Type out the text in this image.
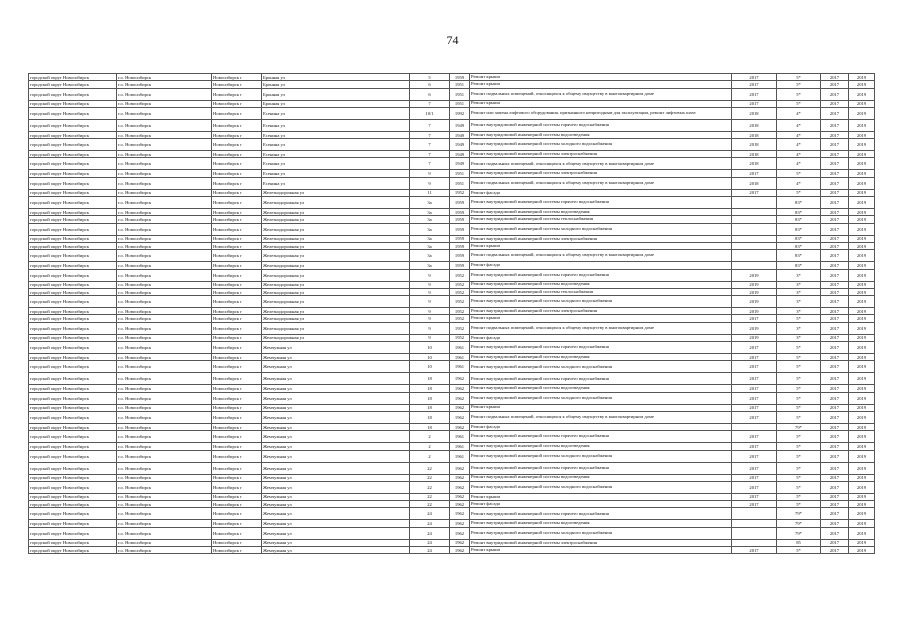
74
городской округ Новосибирск	г.о. Новосибирск	Новосибирск г	Бронная ул	5	1959	Ремонт крыши	2017	5*	2017	2019
городской округ Новосибирск	г.о. Новосибирск	Новосибирск г	Бронная ул	6	1951	Ремонт крыши	2017	5*	2017	2019
городской округ Новосибирск	г.о. Новосибирск	Новосибирск г	Бронная ул	6	1951	Ремонт подвальных помещений, относящихся к общему имуществу в многоквартирном доме	2017	5*	2017	2019
городской округ Новосибирск	г.о. Новосибирск	Новосибирск г	Бронная ул	7	1951	Ремонт крыши	2017	5*	2017	2019
городской округ Новосибирск	г.о. Новосибирск	Новосибирск г	Есенина ул	10/1	1992	Ремонт или замена лифтового оборудования, признанного непригодным для эксплуатации, ремонт лифтовых шахт	2018	4*	2017	2019
городской округ Новосибирск	г.о. Новосибирск	Новосибирск г	Есенина ул	7	1949	Ремонт внутридомовой инженерной системы горячего водоснабжения	2018	4*	2017	2019
городской округ Новосибирск	г.о. Новосибирск	Новосибирск г	Есенина ул	7	1949	Ремонт внутридомовой инженерной системы водоотведения	2018	4*	2017	2019
городской округ Новосибирск	г.о. Новосибирск	Новосибирск г	Есенина ул	7	1949	Ремонт внутридомовой инженерной системы холодного водоснабжения	2018	4*	2017	2019
городской округ Новосибирск	г.о. Новосибирск	Новосибирск г	Есенина ул	7	1949	Ремонт внутридомовой инженерной системы электроснабжения	2018	4*	2017	2019
городской округ Новосибирск	г.о. Новосибирск	Новосибирск г	Есенина ул	7	1949	Ремонт подвальных помещений, относящихся к общему имуществу в многоквартирном доме	2018	4*	2017	2019
городской округ Новосибирск	г.о. Новосибирск	Новосибирск г	Есенина ул	9	1951	Ремонт внутридомовой инженерной системы электроснабжения	2017	5*	2017	2019
городской округ Новосибирск	г.о. Новосибирск	Новосибирск г	Есенина ул	9	1951	Ремонт подвальных помещений, относящихся к общему имуществу в многоквартирном доме	2018	4*	2017	2019
городской округ Новосибирск	г.о. Новосибирск	Новосибирск г	Железнодорожная ул	11	1952	Ремонт фасада	2017	5*	2017	2019
городской округ Новосибирск	г.о. Новосибирск	Новосибирск г	Железнодорожная ул	3а	1959	Ремонт внутридомовой инженерной системы горячего водоснабжения		83*	2017	2019
городской округ Новосибирск	г.о. Новосибирск	Новосибирск г	Железнодорожная ул	3а	1959	Ремонт внутридомовой инженерной системы водоотведения		83*	2017	2019
городской округ Новосибирск	г.о. Новосибирск	Новосибирск г	Железнодорожная ул	3а	1959	Ремонт внутридомовой инженерной системы теплоснабжения		83*	2017	2019
городской округ Новосибирск	г.о. Новосибирск	Новосибирск г	Железнодорожная ул	3а	1959	Ремонт внутридомовой инженерной системы холодного водоснабжения		83*	2017	2019
городской округ Новосибирск	г.о. Новосибирск	Новосибирск г	Железнодорожная ул	3а	1959	Ремонт внутридомовой инженерной системы электроснабжения		83*	2017	2019
городской округ Новосибирск	г.о. Новосибирск	Новосибирск г	Железнодорожная ул	3а	1959	Ремонт крыши		83*	2017	2019
городской округ Новосибирск	г.о. Новосибирск	Новосибирск г	Железнодорожная ул	3а	1959	Ремонт подвальных помещений, относящихся к общему имуществу в многоквартирном доме		83*	2017	2019
городской округ Новосибирск	г.о. Новосибирск	Новосибирск г	Железнодорожная ул	3а	1959	Ремонт фасада		83*	2017	2019
городской округ Новосибирск	г.о. Новосибирск	Новосибирск г	Железнодорожная ул	9	1952	Ремонт внутридомовой инженерной системы горячего водоснабжения	2019	3*	2017	2019
городской округ Новосибирск	г.о. Новосибирск	Новосибирск г	Железнодорожная ул	9	1952	Ремонт внутридомовой инженерной системы водоотведения	2019	3*	2017	2019
городской округ Новосибирск	г.о. Новосибирск	Новосибирск г	Железнодорожная ул	9	1952	Ремонт внутридомовой инженерной системы теплоснабжения	2019	3*	2017	2019
городской округ Новосибирск	г.о. Новосибирск	Новосибирск г	Железнодорожная ул	9	1952	Ремонт внутридомовой инженерной системы холодного водоснабжения	2019	3*	2017	2019
городской округ Новосибирск	г.о. Новосибирск	Новосибирск г	Железнодорожная ул	9	1952	Ремонт внутридомовой инженерной системы электроснабжения	2019	3*	2017	2019
городской округ Новосибирск	г.о. Новосибирск	Новосибирск г	Железнодорожная ул	9	1952	Ремонт крыши	2017	5*	2017	2019
городской округ Новосибирск	г.о. Новосибирск	Новосибирск г	Железнодорожная ул	9	1952	Ремонт подвальных помещений, относящихся к общему имуществу в многоквартирном доме	2019	3*	2017	2019
городской округ Новосибирск	г.о. Новосибирск	Новосибирск г	Железнодорожная ул	9	1952	Ремонт фасада	2019	3*	2017	2019
городской округ Новосибирск	г.о. Новосибирск	Новосибирск г	Жемчужная ул	10	1961	Ремонт внутридомовой инженерной системы горячего водоснабжения	2017	5*	2017	2019
городской округ Новосибирск	г.о. Новосибирск	Новосибирск г	Жемчужная ул	10	1961	Ремонт внутридомовой инженерной системы водоотведения	2017	5*	2017	2019
городской округ Новосибирск	г.о. Новосибирск	Новосибирск г	Жемчужная ул	10	1961	Ремонт внутридомовой инженерной системы холодного водоснабжения	2017	5*	2017	2019
городской округ Новосибирск	г.о. Новосибирск	Новосибирск г	Жемчужная ул	18	1962	Ремонт внутридомовой инженерной системы горячего водоснабжения	2017	5*	2017	2019
городской округ Новосибирск	г.о. Новосибирск	Новосибирск г	Жемчужная ул	18	1962	Ремонт внутридомовой инженерной системы водоотведения	2017	5*	2017	2019
городской округ Новосибирск	г.о. Новосибирск	Новосибирск г	Жемчужная ул	18	1962	Ремонт внутридомовой инженерной системы холодного водоснабжения	2017	5*	2017	2019
городской округ Новосибирск	г.о. Новосибирск	Новосибирск г	Жемчужная ул	18	1962	Ремонт крыши	2017	5*	2017	2019
городской округ Новосибирск	г.о. Новосибирск	Новосибирск г	Жемчужная ул	18	1962	Ремонт подвальных помещений, относящихся к общему имуществу в многоквартирном доме	2017	5*	2017	2019
городской округ Новосибирск	г.о. Новосибирск	Новосибирск г	Жемчужная ул	18	1962	Ремонт фасада		79*	2017	2019
городской округ Новосибирск	г.о. Новосибирск	Новосибирск г	Жемчужная ул	2	1961	Ремонт внутридомовой инженерной системы горячего водоснабжения	2017	5*	2017	2019
городской округ Новосибирск	г.о. Новосибирск	Новосибирск г	Жемчужная ул	2	1961	Ремонт внутридомовой инженерной системы водоотведения	2017	5*	2017	2019
городской округ Новосибирск	г.о. Новосибирск	Новосибирск г	Жемчужная ул	2	1961	Ремонт внутридомовой инженерной системы холодного водоснабжения	2017	5*	2017	2019
городской округ Новосибирск	г.о. Новосибирск	Новосибирск г	Жемчужная ул	22	1962	Ремонт внутридомовой инженерной системы горячего водоснабжения	2017	5*	2017	2019
городской округ Новосибирск	г.о. Новосибирск	Новосибирск г	Жемчужная ул	22	1962	Ремонт внутридомовой инженерной системы водоотведения	2017	5*	2017	2019
городской округ Новосибирск	г.о. Новосибирск	Новосибирск г	Жемчужная ул	22	1962	Ремонт внутридомовой инженерной системы холодного водоснабжения	2017	5*	2017	2019
городской округ Новосибирск	г.о. Новосибирск	Новосибирск г	Жемчужная ул	22	1962	Ремонт крыши	2017	5*	2017	2019
городской округ Новосибирск	г.о. Новосибирск	Новосибирск г	Жемчужная ул	22	1962	Ремонт фасада	2017	5*	2017	2019
городской округ Новосибирск	г.о. Новосибирск	Новосибирск г	Жемчужная ул	24	1962	Ремонт внутридомовой инженерной системы горячего водоснабжения		79*	2017	2019
городской округ Новосибирск	г.о. Новосибирск	Новосибирск г	Жемчужная ул	24	1962	Ремонт внутридомовой инженерной системы водоотведения		79*	2017	2019
городской округ Новосибирск	г.о. Новосибирск	Новосибирск г	Жемчужная ул	24	1962	Ремонт внутридомовой инженерной системы холодного водоснабжения		79*	2017	2019
городской округ Новосибирск	г.о. Новосибирск	Новосибирск г	Жемчужная ул	24	1962	Ремонт внутридомовой инженерной системы электроснабжения		85	2017	2019
городской округ Новосибирск	г.о. Новосибирск	Новосибирск г	Жемчужная ул	24	1962	Ремонт крыши	2017	5*	2017	2019
